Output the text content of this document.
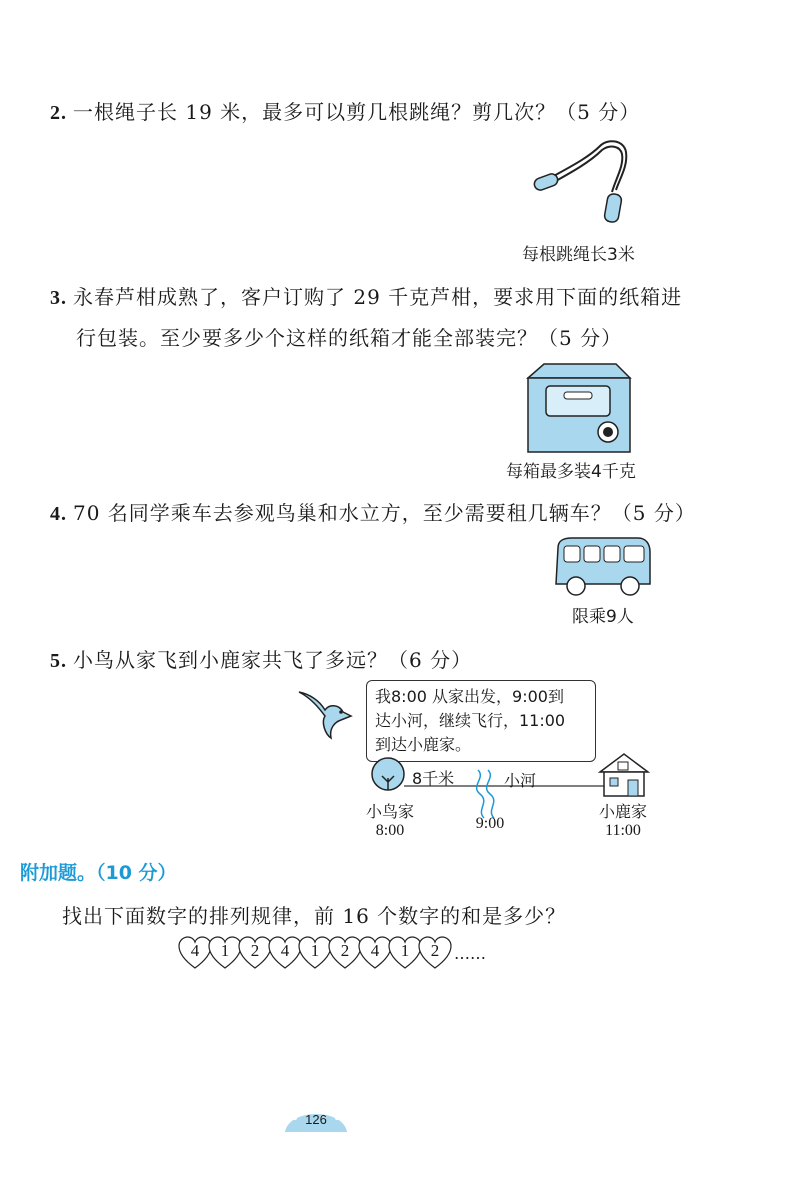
2. 一根绳子长 19 米，最多可以剪几根跳绳？剪几次？（5 分）
每根跳绳长3米
3. 永春芦柑成熟了，客户订购了 29 千克芦柑，要求用下面的纸箱进
行包装。至少要多少个这样的纸箱才能全部装完？（5 分）
每箱最多装4千克
4. 70 名同学乘车去参观鸟巢和水立方，至少需要租几辆车？（5 分）
限乘9人
5. 小鸟从家飞到小鹿家共飞了多远？（6 分）
我8:00 从家出发，9:00到
达小河，继续飞行，11:00
到达小鹿家。
8千米	小河
小鸟家
8:00	9:00
小鹿家
11:00
附加题。（10 分）
找出下面数字的排列规律，前 16 个数字的和是多少？
4	1	2	4	1	2	4	1	2 ……
126
